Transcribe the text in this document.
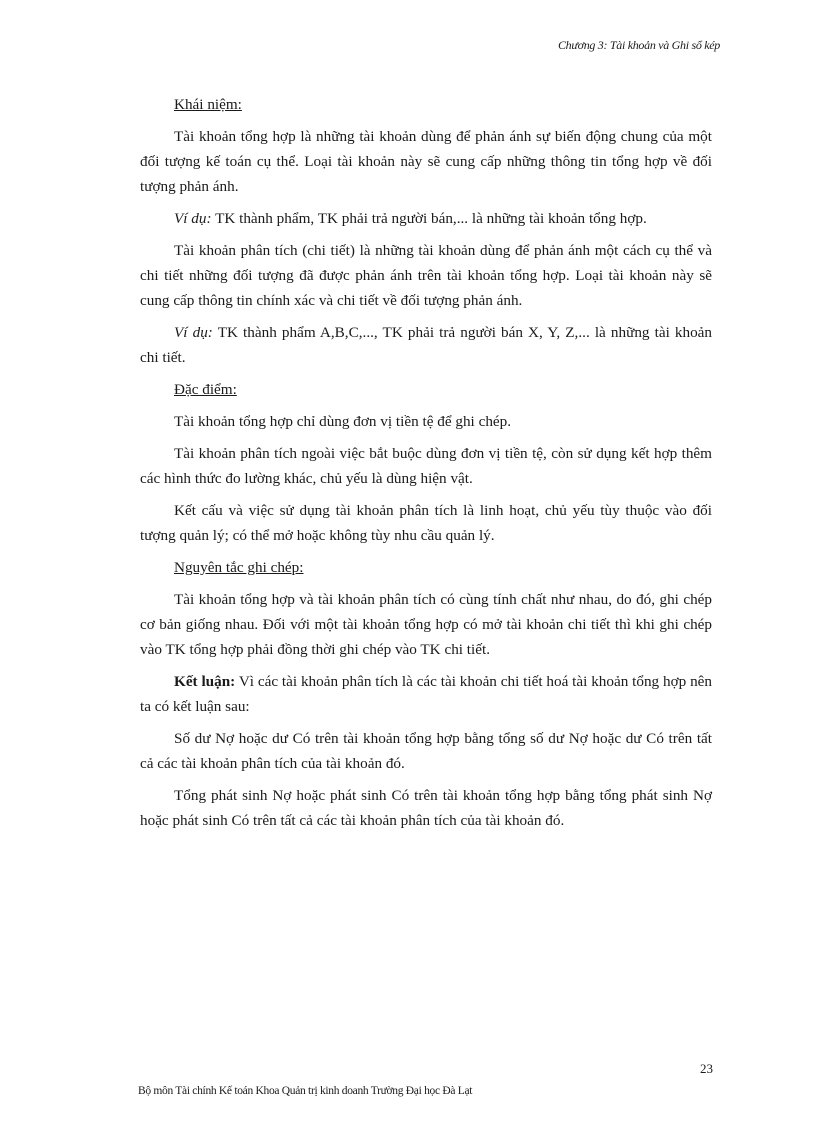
Chương 3: Tài khoản và Ghi sổ kép
Khái niệm:

Tài khoản tổng hợp là những tài khoản dùng để phản ánh sự biến động chung của một đối tượng kế toán cụ thể. Loại tài khoản này sẽ cung cấp những thông tin tổng hợp về đối tượng phản ánh.

Ví dụ: TK thành phẩm, TK phải trả người bán,... là những tài khoản tổng hợp.

Tài khoản phân tích (chi tiết) là những tài khoản dùng để phản ánh một cách cụ thể và chi tiết những đối tượng đã được phản ánh trên tài khoản tổng hợp. Loại tài khoản này sẽ cung cấp thông tin chính xác và chi tiết về đối tượng phản ánh.

Ví dụ: TK thành phẩm A,B,C,..., TK phải trả người bán X, Y, Z,... là những tài khoản chi tiết.

Đặc điểm:

Tài khoản tổng hợp chỉ dùng đơn vị tiền tệ để ghi chép.

Tài khoản phân tích ngoài việc bắt buộc dùng đơn vị tiền tệ, còn sử dụng kết hợp thêm các hình thức đo lường khác, chủ yếu là dùng hiện vật.

Kết cấu và việc sử dụng tài khoản phân tích là linh hoạt, chủ yếu tùy thuộc vào đối tượng quản lý; có thể mở hoặc không tùy nhu cầu quản lý.

Nguyên tắc ghi chép:

Tài khoản tổng hợp và tài khoản phân tích có cùng tính chất như nhau, do đó, ghi chép cơ bản giống nhau. Đối với một tài khoản tổng hợp có mở tài khoản chi tiết thì khi ghi chép vào TK tổng hợp phải đồng thời ghi chép vào TK chi tiết.

Kết luận: Vì các tài khoản phân tích là các tài khoản chi tiết hoá tài khoản tổng hợp nên ta có kết luận sau:

Số dư Nợ hoặc dư Có trên tài khoản tổng hợp bằng tổng số dư Nợ hoặc dư Có trên tất cả các tài khoản phân tích của tài khoản đó.

Tổng phát sinh Nợ hoặc phát sinh Có trên tài khoản tổng hợp bằng tổng phát sinh Nợ hoặc phát sinh Có trên tất cả các tài khoản phân tích của tài khoản đó.

23
Bộ môn Tài chính Kế toán Khoa Quản trị kinh doanh Trường Đại học Đà Lạt
